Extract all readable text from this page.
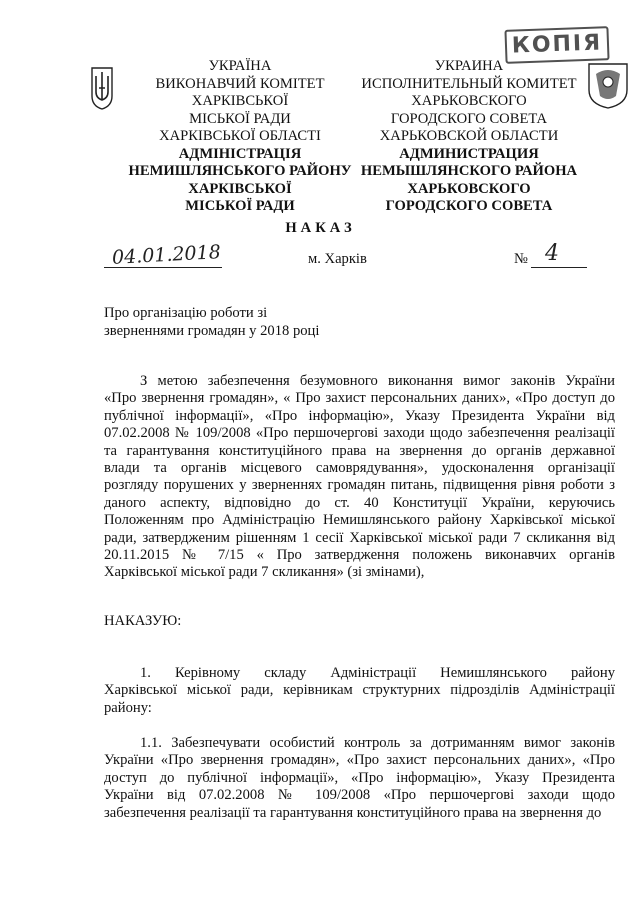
КОПІЯ
УКРАЇНА
ВИКОНАВЧИЙ КОМІТЕТ
ХАРКІВСЬКОЇ
МІСЬКОЇ РАДИ
ХАРКІВСЬКОЇ ОБЛАСТІ
АДМІНІСТРАЦІЯ
НЕМИШЛЯНСЬКОГО РАЙОНУ
ХАРКІВСЬКОЇ
МІСЬКОЇ РАДИ
УКРАИНА
ИСПОЛНИТЕЛЬНЫЙ КОМИТЕТ
ХАРЬКОВСКОГО
ГОРОДСКОГО СОВЕТА
ХАРЬКОВСКОЙ ОБЛАСТИ
АДМИНИСТРАЦИЯ
НЕМЫШЛЯНСКОГО РАЙОНА
ХАРЬКОВСКОГО
ГОРОДСКОГО СОВЕТА
НАКАЗ
04.01.2018	м. Харків	№ 4
Про організацію роботи зі
зверненнями громадян у 2018 році
З метою забезпечення безумовного виконання вимог законів України
«Про звернення громадян», « Про захист персональних даних», «Про доступ до
публічної інформації», «Про інформацію», Указу Президента України від
07.02.2008 № 109/2008 «Про першочергові заходи щодо забезпечення реалізації
та гарантування конституційного права на звернення до органів державної
влади та органів місцевого самоврядування», удосконалення організації
розгляду порушених у зверненнях громадян питань, підвищення рівня роботи з
даного аспекту, відповідно до ст. 40 Конституції України, керуючись
Положенням про Адміністрацію Немишлянського району Харківської міської
ради, затвердженим рішенням 1 сесії Харківської міської ради 7 скликання від
20.11.2015 № 7/15 « Про затвердження положень виконавчих органів
Харківської міської ради 7 скликання» (зі змінами),
НАКАЗУЮ:
1. Керівному складу Адміністрації Немишлянського району
Харківської міської ради, керівникам структурних підрозділів Адміністрації
району:
1.1. Забезпечувати особистий контроль за дотриманням вимог законів
України «Про звернення громадян», «Про захист персональних даних», «Про
доступ до публічної інформації», «Про інформацію», Указу Президента
України від 07.02.2008 № 109/2008 «Про першочергові заходи щодо
забезпечення реалізації та гарантування конституційного права на звернення до
